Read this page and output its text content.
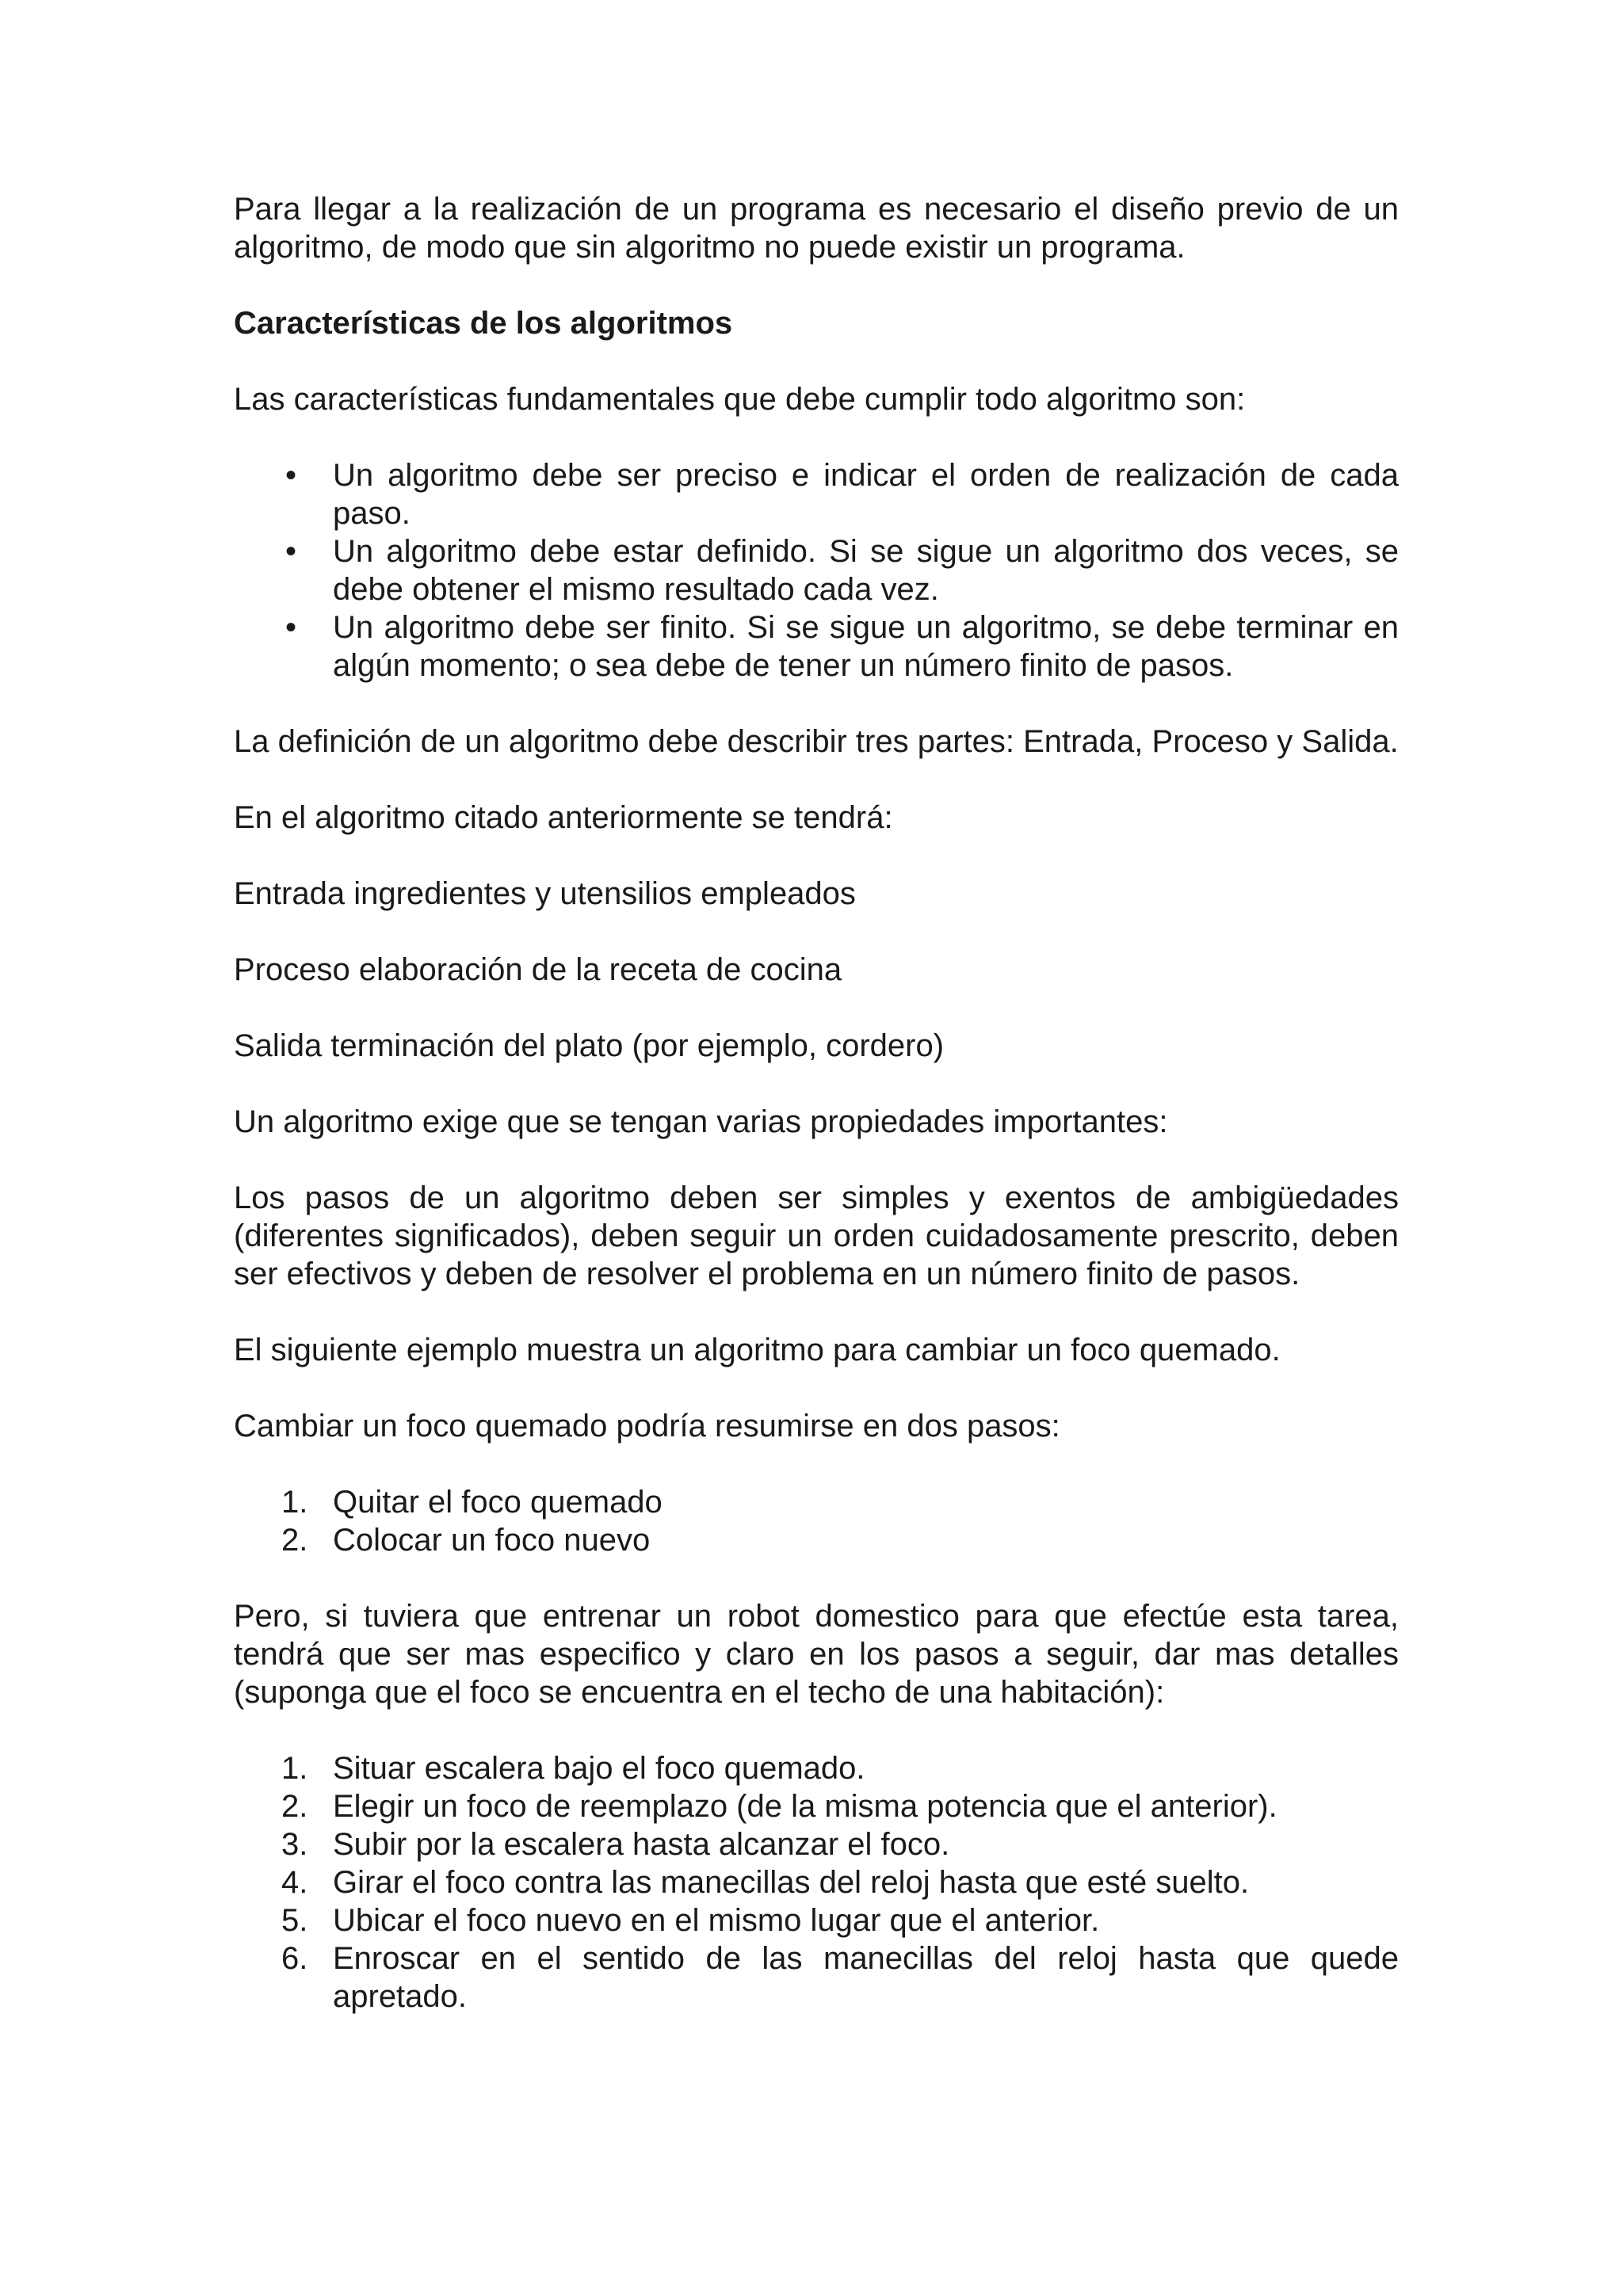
Para llegar a la realización de un programa es necesario el diseño previo de un algoritmo, de modo que sin algoritmo no puede existir un programa.

Características de los algoritmos

Las características fundamentales que debe cumplir todo algoritmo son:

• Un algoritmo debe ser preciso e indicar el orden de realización de cada paso.
• Un algoritmo debe estar definido. Si se sigue un algoritmo dos veces, se debe obtener el mismo resultado cada vez.
• Un algoritmo debe ser finito. Si se sigue un algoritmo, se debe terminar en algún momento; o sea debe de tener un número finito de pasos.

La definición de un algoritmo debe describir tres partes: Entrada, Proceso y Salida.

En el algoritmo citado anteriormente se tendrá:

Entrada ingredientes y utensilios empleados

Proceso elaboración de la receta de cocina

Salida terminación del plato (por ejemplo, cordero)

Un algoritmo exige que se tengan varias propiedades importantes:

Los pasos de un algoritmo deben ser simples y exentos de ambigüedades (diferentes significados), deben seguir un orden cuidadosamente prescrito, deben ser efectivos y deben de resolver el problema en un número finito de pasos.

El siguiente ejemplo muestra un algoritmo para cambiar un foco quemado.

Cambiar un foco quemado podría resumirse en dos pasos:

1. Quitar el foco quemado
2. Colocar un foco nuevo

Pero, si tuviera que entrenar un robot domestico para que efectúe esta tarea, tendrá que ser mas especifico y claro en los pasos a seguir, dar mas detalles (suponga que el foco se encuentra en el techo de una habitación):

1. Situar escalera bajo el foco quemado.
2. Elegir un foco de reemplazo (de la misma potencia que el anterior).
3. Subir por la escalera hasta alcanzar el foco.
4. Girar el foco contra las manecillas del reloj hasta que esté suelto.
5. Ubicar el foco nuevo en el mismo lugar que el anterior.
6. Enroscar en el sentido de las manecillas del reloj hasta que quede apretado.
